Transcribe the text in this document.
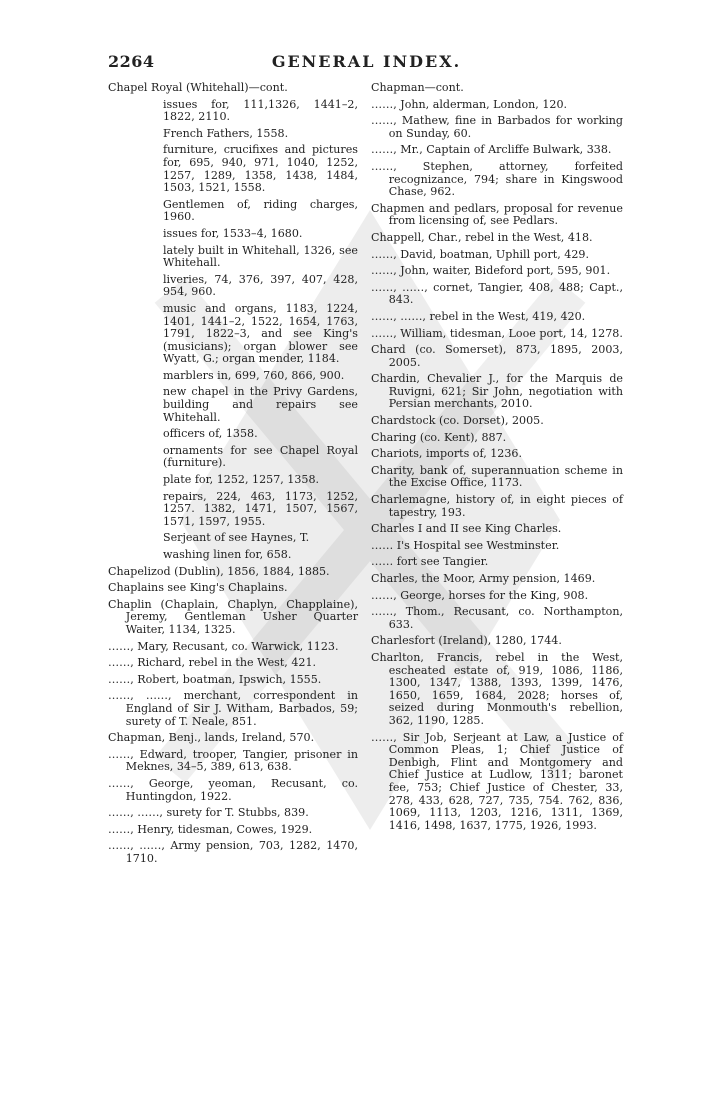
2264	GENERAL INDEX.

Chapel Royal (Whitehall)—cont.

issues for, 111,1326, 1441–2, 1822, 2110.

French Fathers, 1558.

furniture, crucifixes and pictures for, 695, 940, 971, 1040, 1252, 1257, 1289, 1358, 1438, 1484, 1503, 1521, 1558.

Gentlemen of, riding charges, 1960.

issues for, 1533–4, 1680.

lately built in Whitehall, 1326, see Whitehall.

liveries, 74, 376, 397, 407, 428, 954, 960.

music and organs, 1183, 1224, 1401, 1441–2, 1522, 1654, 1763, 1791, 1822–3, and see King's (musicians); organ blower see Wyatt, G.; organ mender, 1184.

marblers in, 699, 760, 866, 900.

new chapel in the Privy Gardens, building and repairs see Whitehall.

officers of, 1358.

ornaments for see Chapel Royal (furniture).

plate for, 1252, 1257, 1358.

repairs, 224, 463, 1173, 1252, 1257. 1382, 1471, 1507, 1567, 1571, 1597, 1955.

Serjeant of see Haynes, T.

washing linen for, 658.

Chapelizod (Dublin), 1856, 1884, 1885.

Chaplains see King's Chaplains.

Chaplin (Chaplain, Chaplyn, Chapplaine), Jeremy, Gentleman Usher Quarter Waiter, 1134, 1325.

……, Mary, Recusant, co. Warwick, 1123.

……, Richard, rebel in the West, 421.

……, Robert, boatman, Ipswich, 1555.

……, ……, merchant, correspondent in England of Sir J. Witham, Barbados, 59; surety of T. Neale, 851.

Chapman, Benj., lands, Ireland, 570.

……, Edward, trooper, Tangier, prisoner in Meknes, 34–5, 389, 613, 638.

……, George, yeoman, Recusant, co. Huntingdon, 1922.

……, ……, surety for T. Stubbs, 839.

……, Henry, tidesman, Cowes, 1929.

……, ……, Army pension, 703, 1282, 1470, 1710.

Chapman—cont.

……, John, alderman, London, 120.

……, Mathew, fine in Barbados for working on Sunday, 60.

……, Mr., Captain of Arcliffe Bulwark, 338.

……, Stephen, attorney, forfeited recognizance, 794; share in Kingswood Chase, 962.

Chapmen and pedlars, proposal for revenue from licensing of, see Pedlars.

Chappell, Char., rebel in the West, 418.

……, David, boatman, Uphill port, 429.

……, John, waiter, Bideford port, 595, 901.

……, ……, cornet, Tangier, 408, 488; Capt., 843.

……, ……, rebel in the West, 419, 420.

……, William, tidesman, Looe port, 14, 1278.

Chard (co. Somerset), 873, 1895, 2003, 2005.

Chardin, Chevalier J., for the Marquis de Ruvigni, 621; Sir John, negotiation with Persian merchants, 2010.

Chardstock (co. Dorset), 2005.

Charing (co. Kent), 887.

Chariots, imports of, 1236.

Charity, bank of, superannuation scheme in the Excise Office, 1173.

Charlemagne, history of, in eight pieces of tapestry, 193.

Charles I and II see King Charles.

…… I's Hospital see Westminster.

…… fort see Tangier.

Charles, the Moor, Army pension, 1469.

……, George, horses for the King, 908.

……, Thom., Recusant, co. Northampton, 633.

Charlesfort (Ireland), 1280, 1744.

Charlton, Francis, rebel in the West, escheated estate of, 919, 1086, 1186, 1300, 1347, 1388, 1393, 1399, 1476, 1650, 1659, 1684, 2028; horses of, seized during Monmouth's rebellion, 362, 1190, 1285.

……, Sir Job, Serjeant at Law, a Justice of Common Pleas, 1; Chief Justice of Denbigh, Flint and Montgomery and Chief Justice at Ludlow, 1311; baronet fee, 753; Chief Justice of Chester, 33, 278, 433, 628, 727, 735, 754. 762, 836, 1069, 1113, 1203, 1216, 1311, 1369, 1416, 1498, 1637, 1775, 1926, 1993.
